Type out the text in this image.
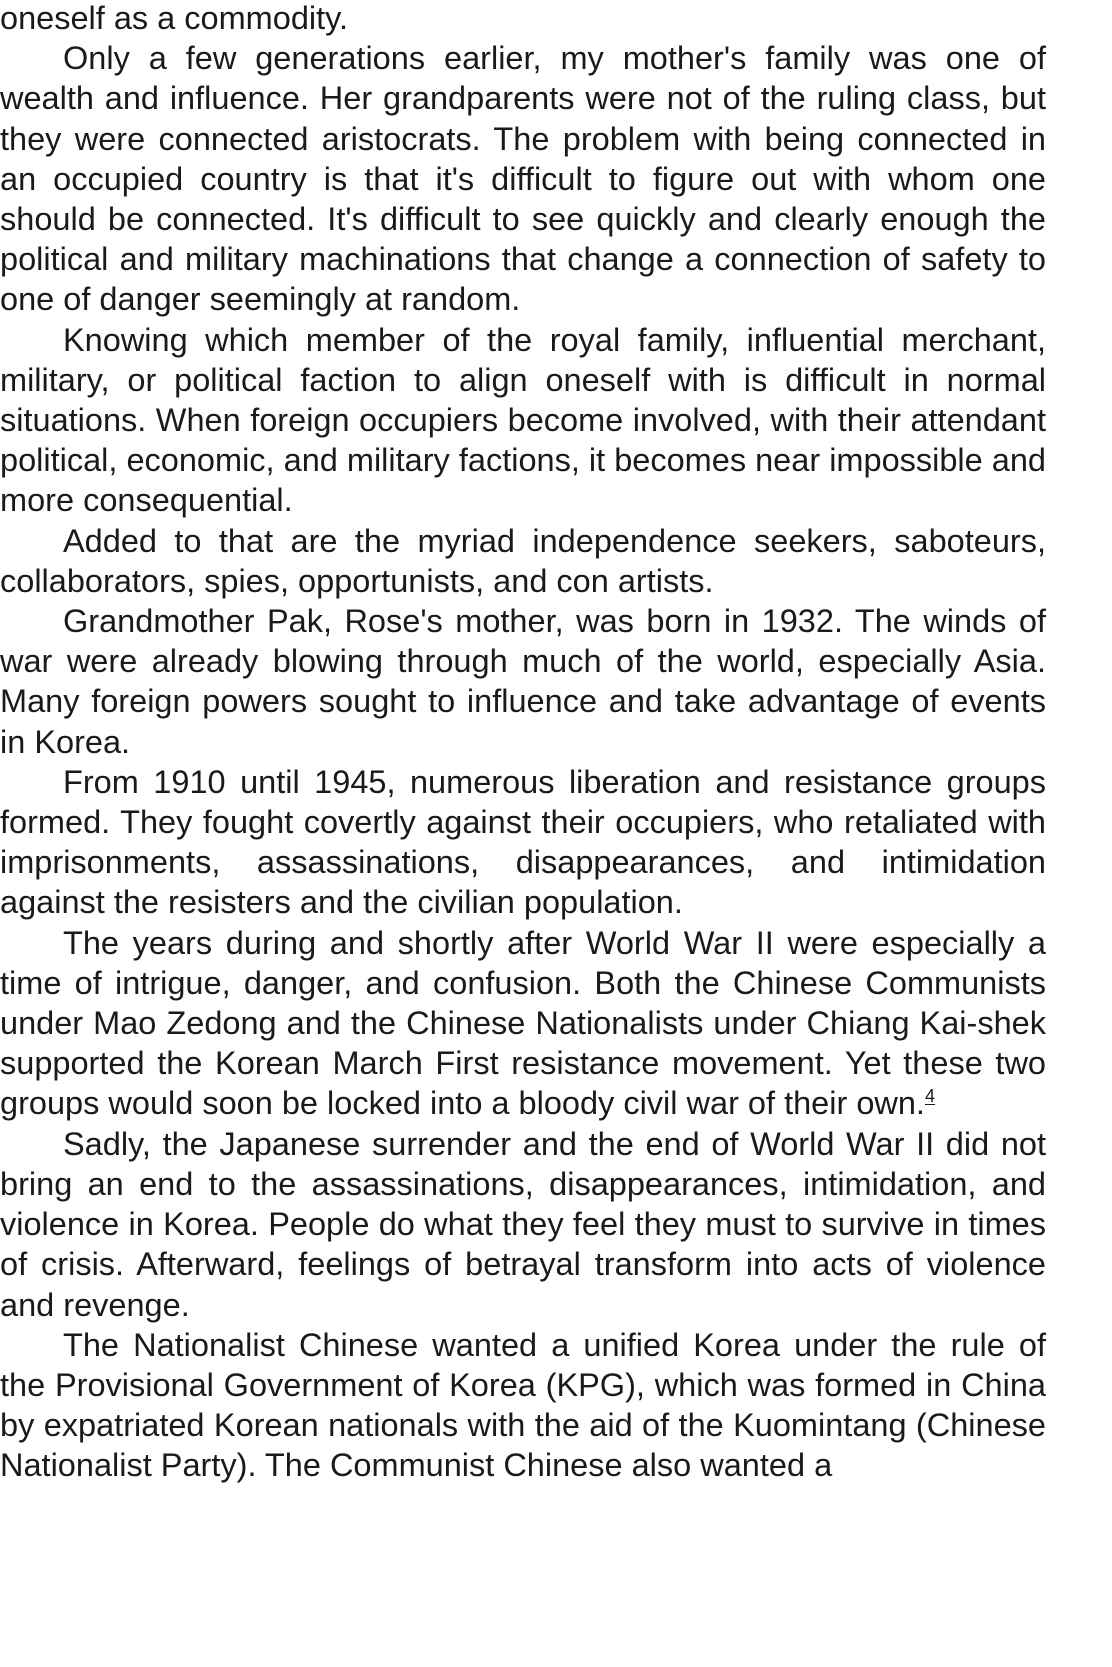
oneself as a commodity.

Only a few generations earlier, my mother's family was one of wealth and influence. Her grandparents were not of the ruling class, but they were connected aristocrats. The problem with being connected in an occupied country is that it's difficult to figure out with whom one should be connected. It's difficult to see quickly and clearly enough the political and military machinations that change a connection of safety to one of danger seemingly at random.

Knowing which member of the royal family, influential merchant, military, or political faction to align oneself with is difficult in normal situations. When foreign occupiers become involved, with their attendant political, economic, and military factions, it becomes near impossible and more consequential.

Added to that are the myriad independence seekers, saboteurs, collaborators, spies, opportunists, and con artists.

Grandmother Pak, Rose's mother, was born in 1932. The winds of war were already blowing through much of the world, especially Asia. Many foreign powers sought to influence and take advantage of events in Korea.

From 1910 until 1945, numerous liberation and resistance groups formed. They fought covertly against their occupiers, who retaliated with imprisonments, assassinations, disappearances, and intimidation against the resisters and the civilian population.

The years during and shortly after World War II were especially a time of intrigue, danger, and confusion. Both the Chinese Communists under Mao Zedong and the Chinese Nationalists under Chiang Kai-shek supported the Korean March First resistance movement. Yet these two groups would soon be locked into a bloody civil war of their own.$^4$

Sadly, the Japanese surrender and the end of World War II did not bring an end to the assassinations, disappearances, intimidation, and violence in Korea. People do what they feel they must to survive in times of crisis. Afterward, feelings of betrayal transform into acts of violence and revenge.

The Nationalist Chinese wanted a unified Korea under the rule of the Provisional Government of Korea (KPG), which was formed in China by expatriated Korean nationals with the aid of the Kuomintang (Chinese Nationalist Party). The Communist Chinese also wanted a
